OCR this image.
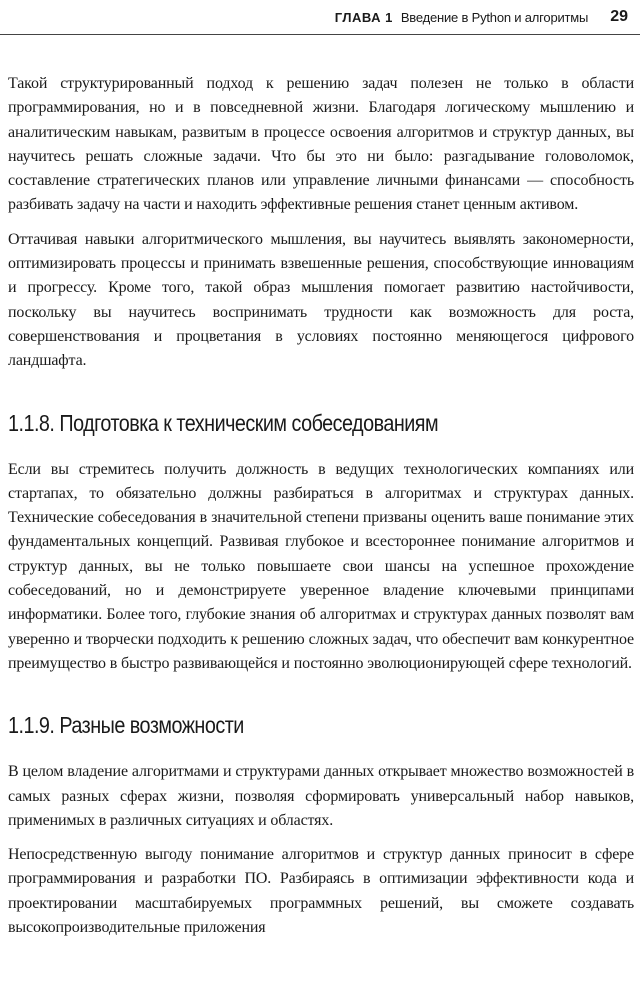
ГЛАВА 1 Введение в Python и алгоритмы 29

Такой структурированный подход к решению задач полезен не только в области программирования, но и в повседневной жизни. Благодаря логическому мышлению и аналитическим навыкам, развитым в процессе освоения алгоритмов и структур данных, вы научитесь решать сложные задачи. Что бы это ни было: разгадывание головоломок, составление стратегических планов или управление личными финансами — способность разбивать задачу на части и находить эффективные решения станет ценным активом.

Оттачивая навыки алгоритмического мышления, вы научитесь выявлять закономерности, оптимизировать процессы и принимать взвешенные решения, способствующие инновациям и прогрессу. Кроме того, такой образ мышления помогает развитию настойчивости, поскольку вы научитесь воспринимать трудности как возможность для роста, совершенствования и процветания в условиях постоянно меняющегося цифрового ландшафта.

1.1.8. Подготовка к техническим собеседованиям

Если вы стремитесь получить должность в ведущих технологических компаниях или стартапах, то обязательно должны разбираться в алгоритмах и структурах данных. Технические собеседования в значительной степени призваны оценить ваше понимание этих фундаментальных концепций. Развивая глубокое и всестороннее понимание алгоритмов и структур данных, вы не только повышаете свои шансы на успешное прохождение собеседований, но и демонстрируете уверенное владение ключевыми принципами информатики. Более того, глубокие знания об алгоритмах и структурах данных позволят вам уверенно и творчески подходить к решению сложных задач, что обеспечит вам конкурентное преимущество в быстро развивающейся и постоянно эволюционирующей сфере технологий.

1.1.9. Разные возможности

В целом владение алгоритмами и структурами данных открывает множество возможностей в самых разных сферах жизни, позволяя сформировать универсальный набор навыков, применимых в различных ситуациях и областях.

Непосредственную выгоду понимание алгоритмов и структур данных приносит в сфере программирования и разработки ПО. Разбираясь в оптимизации эффективности кода и проектировании масштабируемых программных решений, вы сможете создавать высокопроизводительные приложения
